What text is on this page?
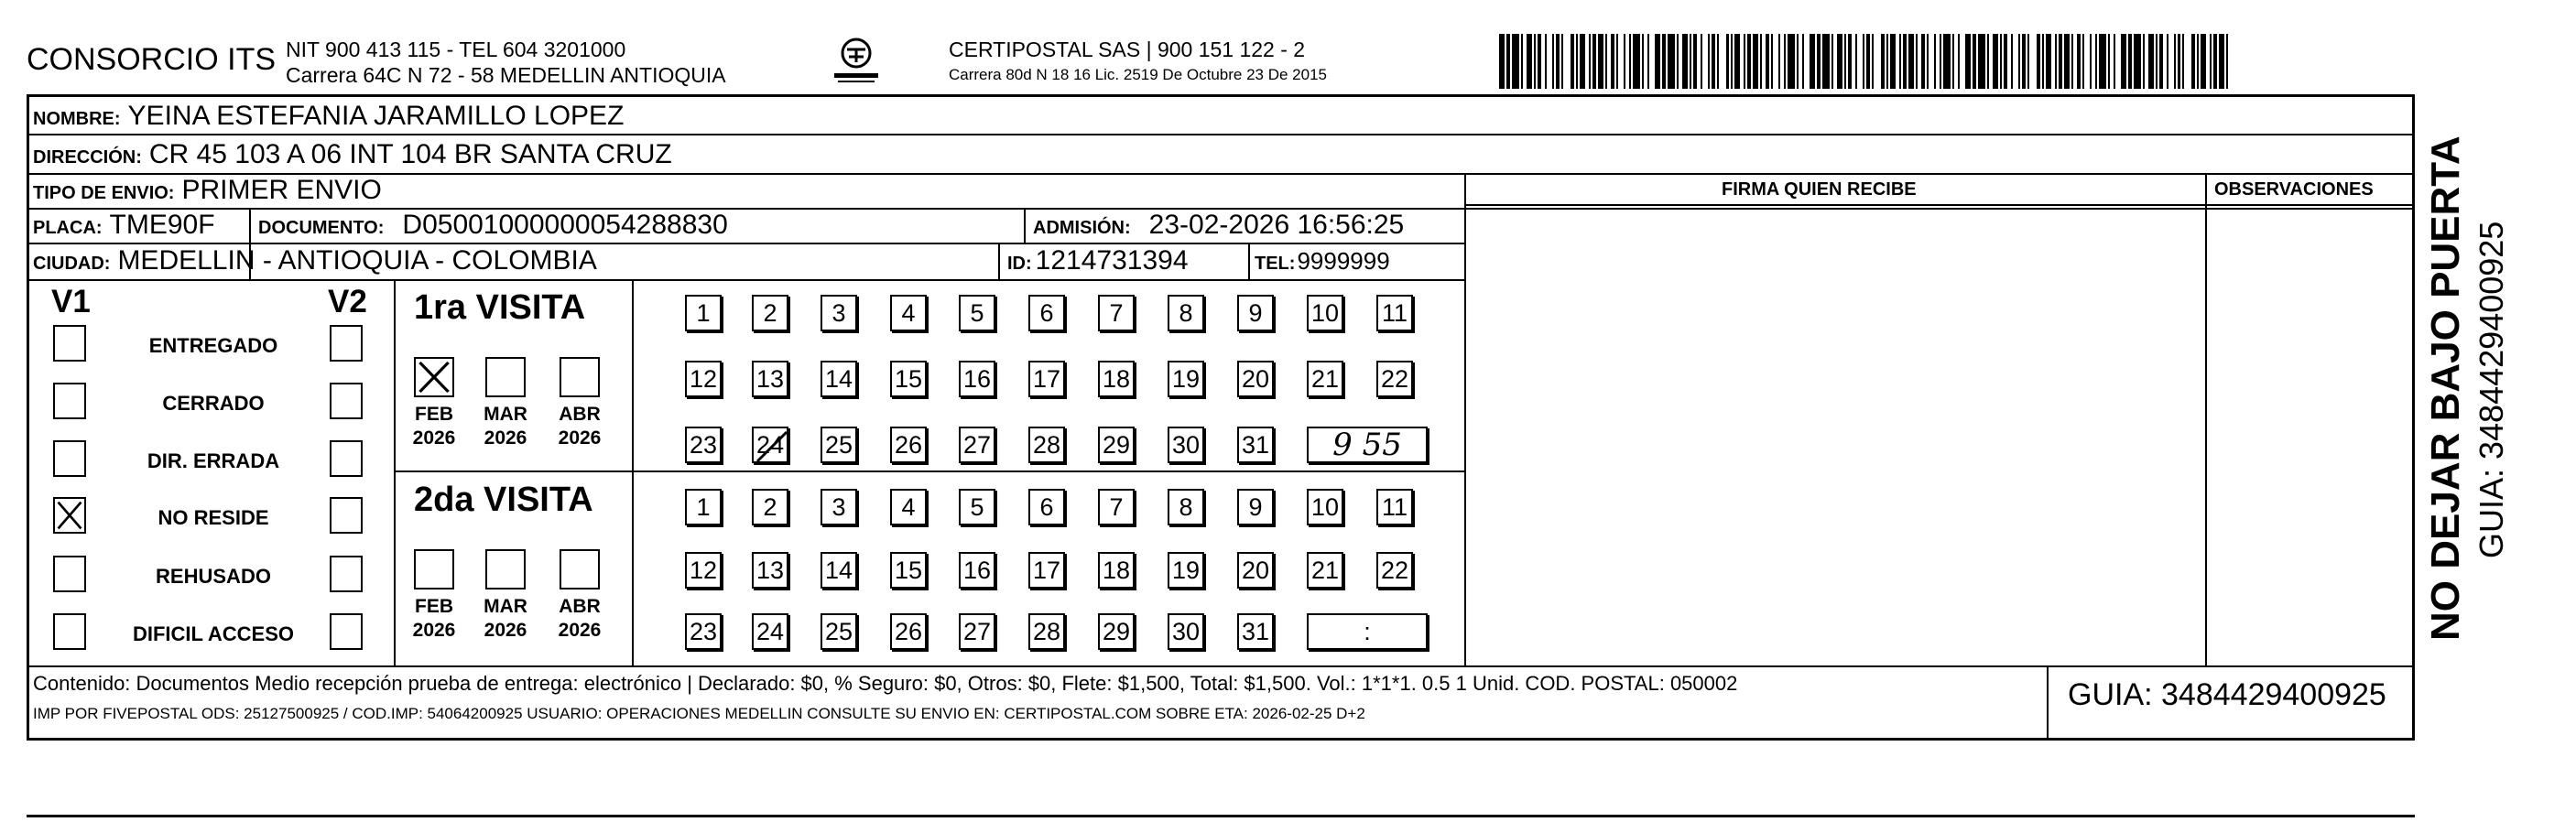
CONSORCIO ITS NIT 900 413 115 - TEL 604 3201000
Carrera 64C N 72 - 58 MEDELLIN ANTIOQUIA
CERTIPOSTAL SAS | 900 151 122 - 2
Carrera 80d N 18 16 Lic. 2519 De Octubre 23 De 2015
NOMBRE: YEINA ESTEFANIA JARAMILLO LOPEZ
DIRECCIÓN: CR 45 103 A 06 INT 104 BR SANTA CRUZ
TIPO DE ENVIO: PRIMER ENVIO	FIRMA QUIEN RECIBE	OBSERVACIONES
PLACA: TME90F DOCUMENTO: D05001000000054288830	ADMISIÓN: 23-02-2026 16:56:25
CIUDAD: MEDELLIN - ANTIOQUIA - COLOMBIA	ID: 1214731394	TEL: 9999999
V1	V2
ENTREGADO
CERRADO
DIR. ERRADA
NO RESIDE
REHUSADO
DIFICIL ACCESO
1ra VISITA
FEB
2026
MAR
2026
ABR
2026
1	2	3	4	5	6	7	8	9	10 11
12 13 14 15 16 17 18 19 20 21 22
23 24 25 26 27 28 29 30 31	9 55
2da VISITA
FEB
2026
MAR
2026
ABR
2026
1	2	3	4	5	6	7	8	9	10 11
12 13 14 15 16 17 18 19 20 21 22
23 24 25 26 27 28 29 30 31	:
Contenido: Documentos Medio recepción prueba de entrega: electrónico | Declarado: $0, % Seguro: $0, Otros: $0, Flete: $1,500, Total: $1,500. Vol.: 1*1*1. 0.5 1 Unid. COD. POSTAL: 050002
IMP POR FIVEPOSTAL ODS: 25127500925 / COD.IMP: 54064200925 USUARIO: OPERACIONES MEDELLIN CONSULTE SU ENVIO EN: CERTIPOSTAL.COM SOBRE ETA: 2026-02-25 D+2
GUIA: 3484429400925
NO DEJAR BAJO PUERTA GUIA: 3484429400925
